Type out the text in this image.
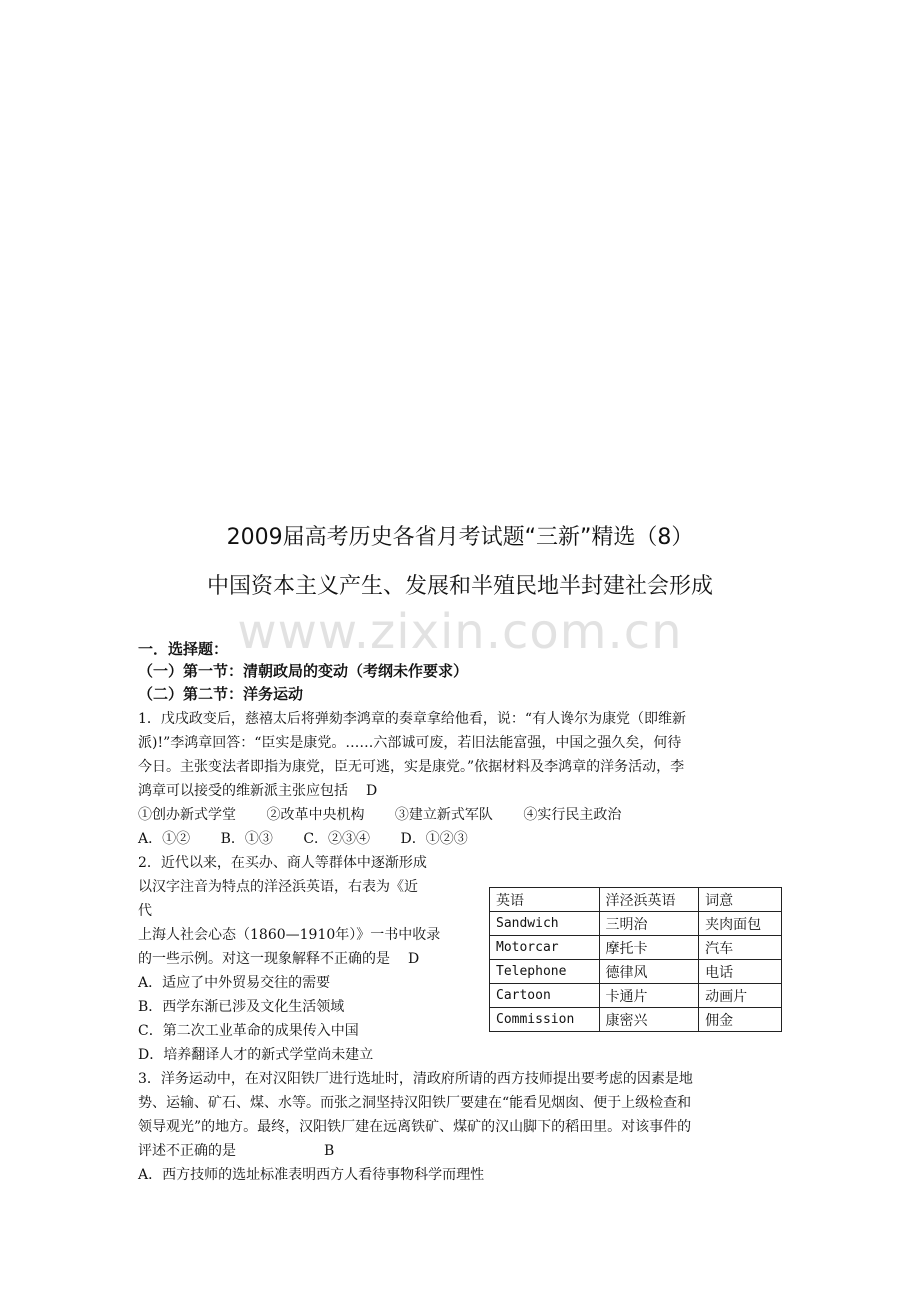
2009届高考历史各省月考试题“三新”精选（8）
www.zixin.com.cn
中国资本主义产生、发展和半殖民地半封建社会形成
一．选择题：
（一）第一节：清朝政局的变动（考纲未作要求）
（二）第二节：洋务运动
1．戊戌政变后，慈禧太后将弹劾李鸿章的奏章拿给他看，说：“有人谗尔为康党（即维新
派)!”李鸿章回答：“臣实是康党。……六部诚可废，若旧法能富强，中国之强久矣，何待
今日。主张变法者即指为康党，臣无可逃，实是康党。”依据材料及李鸿章的洋务活动，李
鸿章可以接受的维新派主张应包括 D
①创办新式学堂 ②改革中央机构 ③建立新式军队 ④实行民主政治
A．①② B．①③ C．②③④ D．①②③
2．近代以来，在买办、商人等群体中逐渐形成
以汉字注音为特点的洋泾浜英语，右表为《近
代
上海人社会心态（1860—1910年）》一书中收录
的一些示例。对这一现象解释不正确的是 D
A．适应了中外贸易交往的需要
B．西学东渐已涉及文化生活领域
C．第二次工业革命的成果传入中国
D．培养翻译人才的新式学堂尚未建立
英语	洋泾浜英语	词意
Sandwich	三明治	夹肉面包
Motorcar	摩托卡	汽车
Telephone	德律风	电话
Cartoon	卡通片	动画片
Commission	康密兴	佣金
3．洋务运动中，在对汉阳铁厂进行选址时，清政府所请的西方技师提出要考虑的因素是地
势、运输、矿石、煤、水等。而张之洞坚持汉阳铁厂要建在“能看见烟囱、便于上级检查和
领导观光”的地方。最终，汉阳铁厂建在远离铁矿、煤矿的汉山脚下的稻田里。对该事件的
评述不正确的是	B
A．西方技师的选址标准表明西方人看待事物科学而理性
